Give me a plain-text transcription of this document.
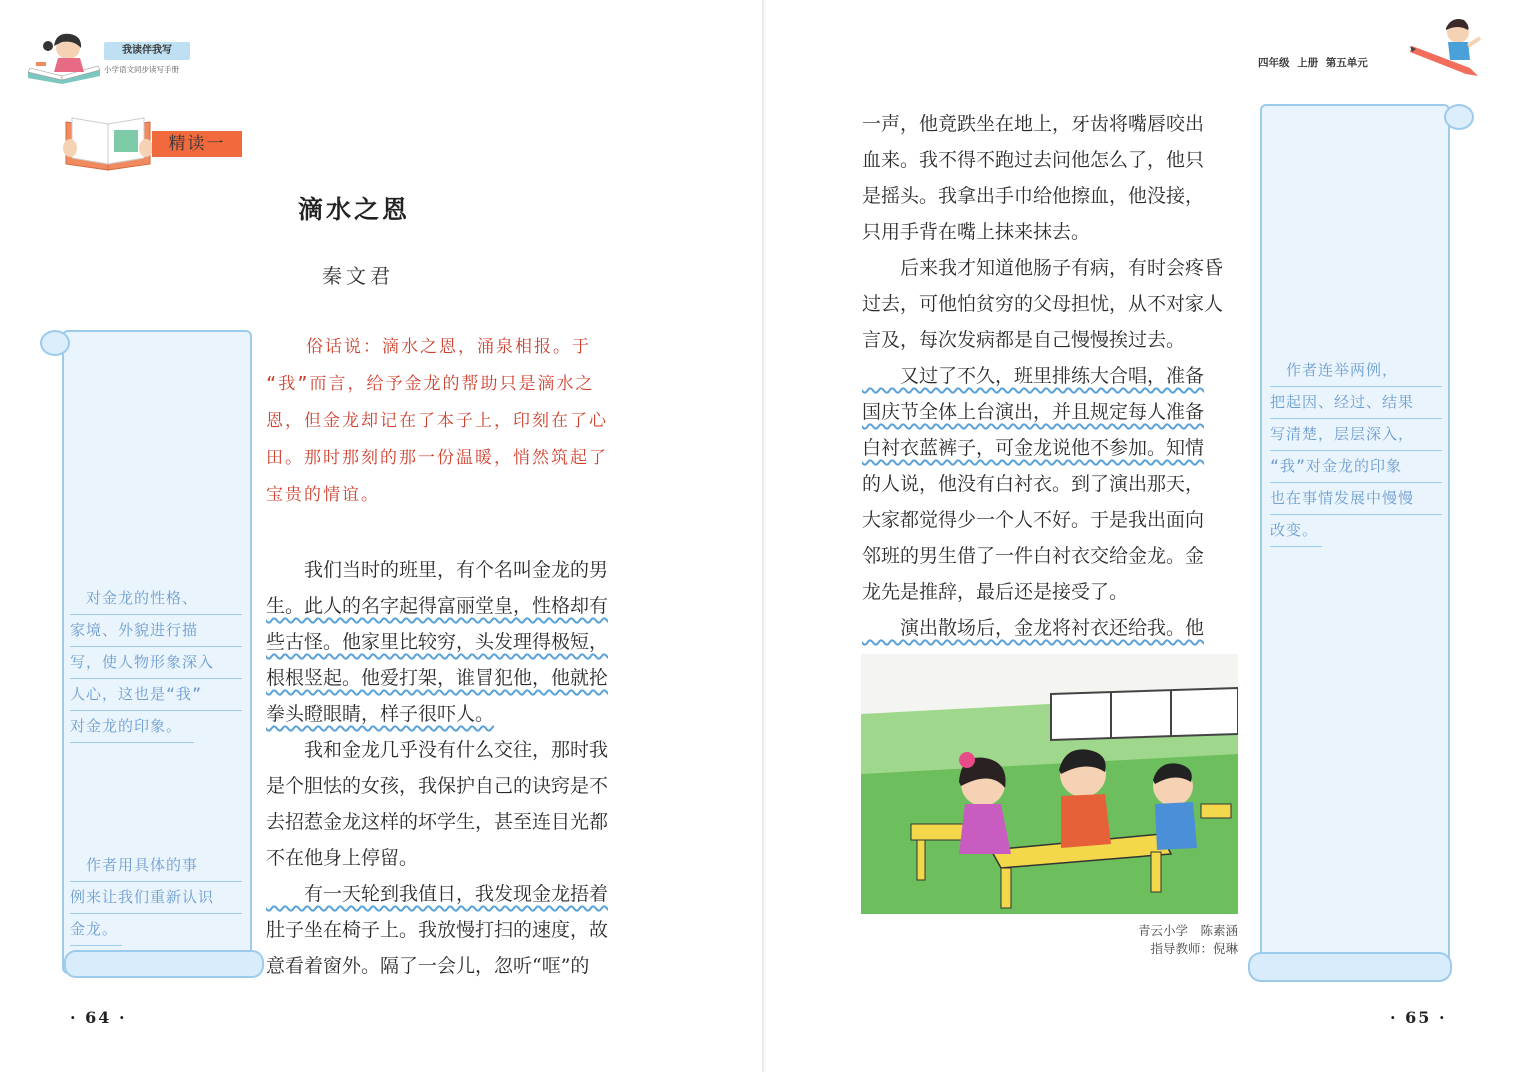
我读伴我写
小学语文同步读写手册
四年级 上册 第五单元
精读一
滴水之恩
秦文君
　对金龙的性格、
家境、外貌进行描
写，使人物形象深入
人心，这也是“我”
对金龙的印象。
　作者用具体的事
例来让我们重新认识
金龙。
俗话说：滴水之恩，涌泉相报。于
“我”而言，给予金龙的帮助只是滴水之
恩，但金龙却记在了本子上，印刻在了心
田。那时那刻的那一份温暖，悄然筑起了
宝贵的情谊。
　　我们当时的班里，有个名叫金龙的男
生。此人的名字起得富丽堂皇，性格却有
些古怪。他家里比较穷，头发理得极短，
根根竖起。他爱打架，谁冒犯他，他就抡
拳头瞪眼睛，样子很吓人。
　　我和金龙几乎没有什么交往，那时我
是个胆怯的女孩，我保护自己的诀窍是不
去招惹金龙这样的坏学生，甚至连目光都
不在他身上停留。
　　有一天轮到我值日，我发现金龙捂着
肚子坐在椅子上。我放慢打扫的速度，故
意看着窗外。隔了一会儿，忽听“哐”的
一声，他竟跌坐在地上，牙齿将嘴唇咬出
血来。我不得不跑过去问他怎么了，他只
是摇头。我拿出手巾给他擦血，他没接，
只用手背在嘴上抹来抹去。
　　后来我才知道他肠子有病，有时会疼昏
过去，可他怕贫穷的父母担忧，从不对家人
言及，每次发病都是自己慢慢挨过去。
　　又过了不久，班里排练大合唱，准备
国庆节全体上台演出，并且规定每人准备
白衬衣蓝裤子，可金龙说他不参加。知情
的人说，他没有白衬衣。到了演出那天，
大家都觉得少一个人不好。于是我出面向
邻班的男生借了一件白衬衣交给金龙。金
龙先是推辞，最后还是接受了。
　　演出散场后，金龙将衬衣还给我。他
青云小学　陈素涵
指导教师：倪琳
　作者连举两例，
把起因、经过、结果
写清楚，层层深入，
“我”对金龙的印象
也在事情发展中慢慢
改变。
· 64 ·	· 65 ·
